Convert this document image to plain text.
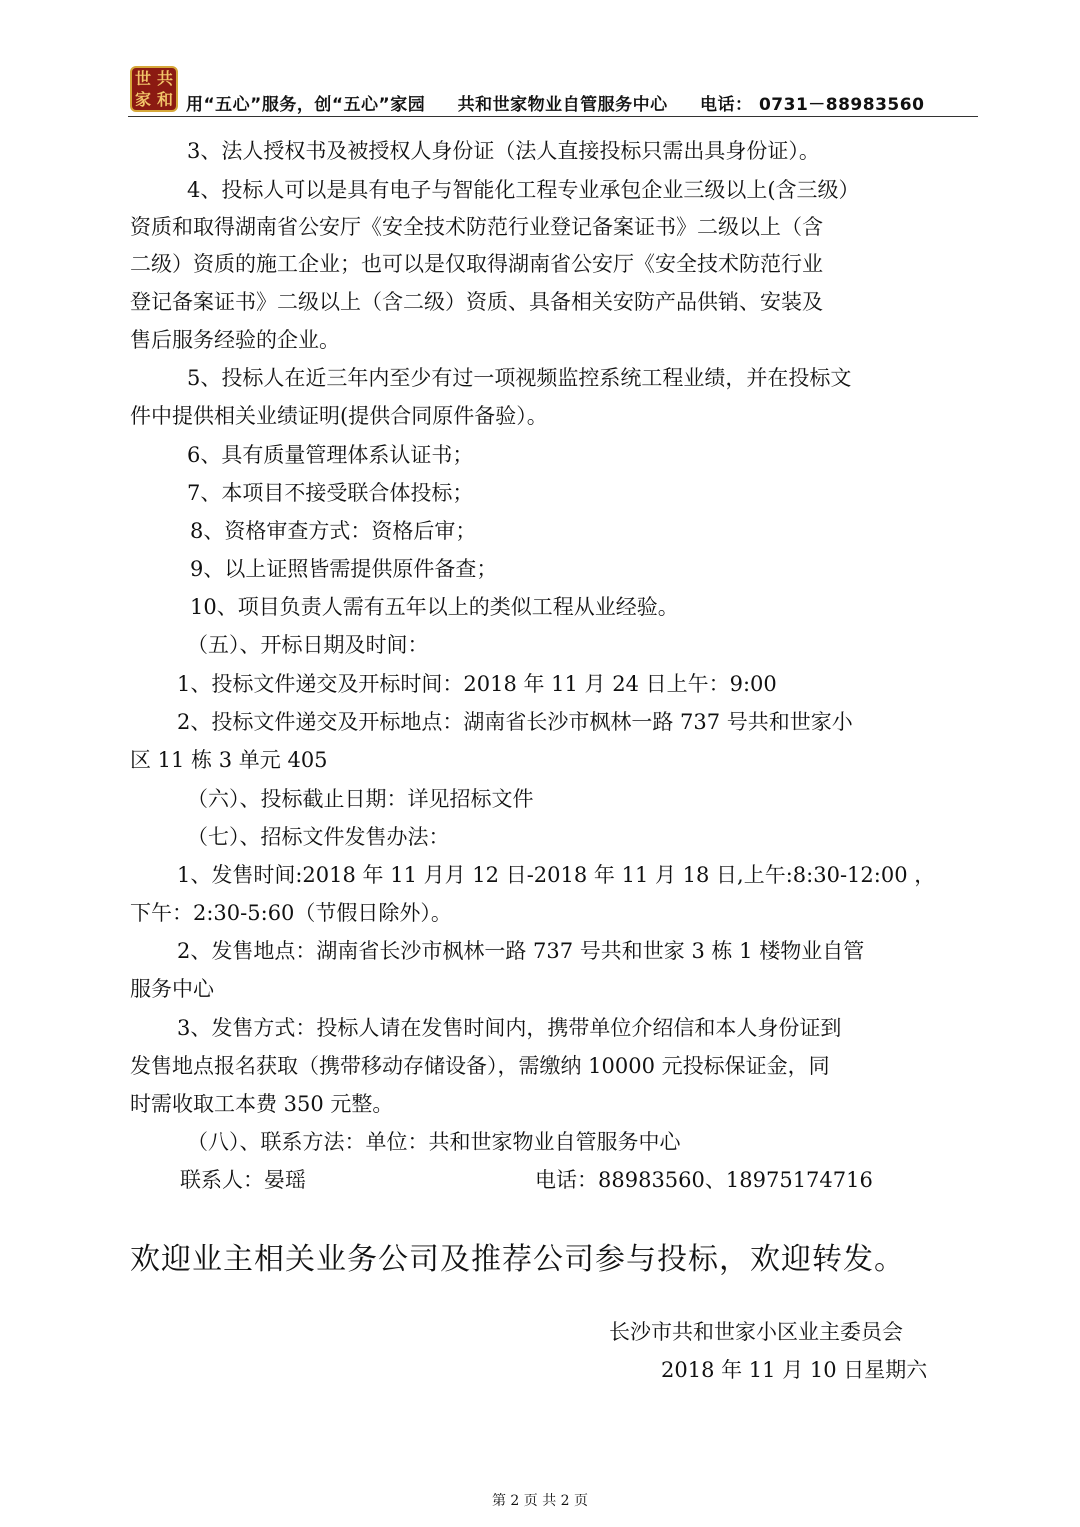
世 共
家 和 用“五心”服务，创“五心”家园 共和世家物业自管服务中心 电话： 0731－88983560
3、法人授权书及被授权人身份证（法人直接投标只需出具身份证）。
4、投标人可以是具有电子与智能化工程专业承包企业三级以上(含三级）
资质和取得湖南省公安厅《安全技术防范行业登记备案证书》二级以上（含
二级）资质的施工企业；也可以是仅取得湖南省公安厅《安全技术防范行业
登记备案证书》二级以上（含二级）资质、具备相关安防产品供销、安装及
售后服务经验的企业。
5、投标人在近三年内至少有过一项视频监控系统工程业绩，并在投标文
件中提供相关业绩证明(提供合同原件备验）。
6、具有质量管理体系认证书；
7、本项目不接受联合体投标；
8、资格审查方式：资格后审；
9、以上证照皆需提供原件备查；
10、项目负责人需有五年以上的类似工程从业经验。
（五）、开标日期及时间：
1、投标文件递交及开标时间：2018 年 11 月 24 日上午：9:00
2、投标文件递交及开标地点：湖南省长沙市枫林一路 737 号共和世家小
区 11 栋 3 单元 405
（六）、投标截止日期：详见招标文件
（七）、招标文件发售办法：
1、发售时间:2018 年 11 月月 12 日-2018 年 11 月 18 日,上午:8:30-12:00 ，
下午：2:30-5:60（节假日除外）。
2、发售地点：湖南省长沙市枫林一路 737 号共和世家 3 栋 1 楼物业自管
服务中心
3、发售方式：投标人请在发售时间内，携带单位介绍信和本人身份证到
发售地点报名获取（携带移动存储设备），需缴纳 10000 元投标保证金，同
时需收取工本费 350 元整。
（八）、联系方法：单位：共和世家物业自管服务中心
联系人：晏瑶	电话：88983560、18975174716
欢迎业主相关业务公司及推荐公司参与投标，欢迎转发。
长沙市共和世家小区业主委员会
2018 年 11 月 10 日星期六
第 2 页 共 2 页
